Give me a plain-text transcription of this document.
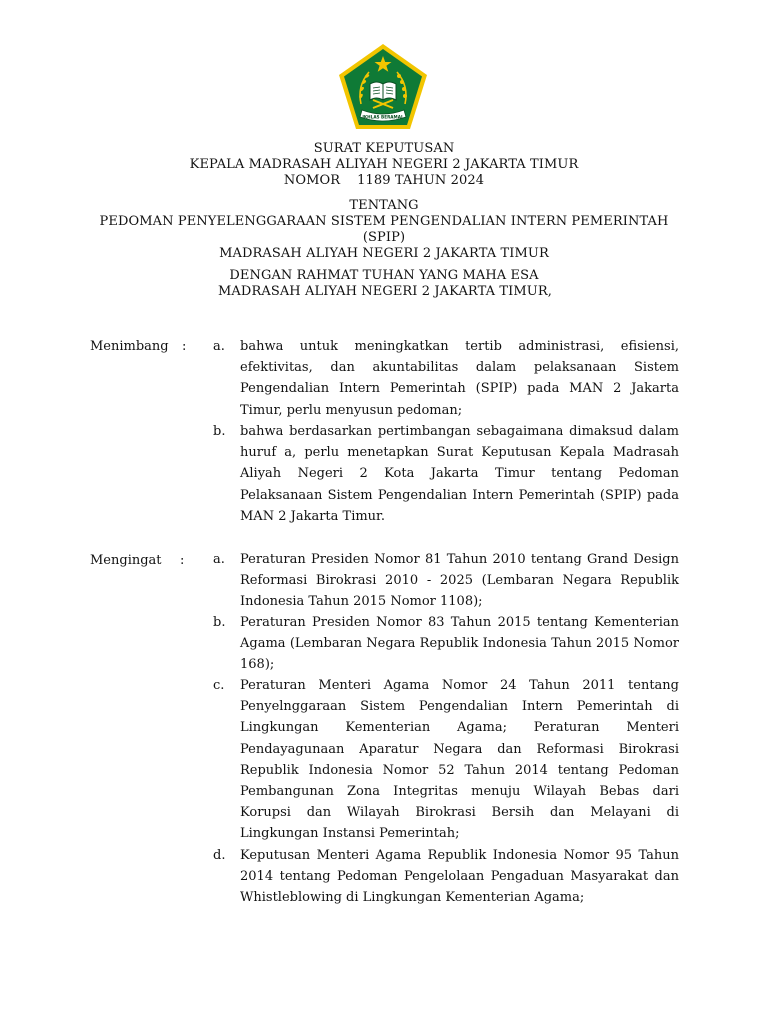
IKHLAS BERAMAL
SURAT KEPUTUSAN
KEPALA MADRASAH ALIYAH NEGERI 2 JAKARTA TIMUR
NOMOR    1189 TAHUN 2024
TENTANG
PEDOMAN PENYELENGGARAAN SISTEM PENGENDALIAN INTERN PEMERINTAH
(SPIP)
MADRASAH ALIYAH NEGERI 2 JAKARTA TIMUR
DENGAN RAHMAT TUHAN YANG MAHA ESA
MADRASAH ALIYAH NEGERI 2 JAKARTA TIMUR,
Menimbang : a. bahwa untuk meningkatkan tertib administrasi, efisiensi, efektivitas, dan akuntabilitas dalam pelaksanaan Sistem Pengendalian Intern Pemerintah (SPIP) pada MAN 2 Jakarta Timur, perlu menyusun pedoman;
b. bahwa berdasarkan pertimbangan sebagaimana dimaksud dalam huruf a, perlu menetapkan Surat Keputusan Kepala Madrasah Aliyah Negeri 2 Kota Jakarta Timur tentang Pedoman Pelaksanaan Sistem Pengendalian Intern Pemerintah (SPIP) pada MAN 2 Jakarta Timur.
Mengingat : a. Peraturan Presiden Nomor 81 Tahun 2010 tentang Grand Design Reformasi Birokrasi 2010 - 2025 (Lembaran Negara Republik Indonesia Tahun 2015 Nomor 1108);
b. Peraturan Presiden Nomor 83 Tahun 2015 tentang Kementerian Agama (Lembaran Negara Republik Indonesia Tahun 2015 Nomor 168);
c. Peraturan Menteri Agama Nomor 24 Tahun 2011 tentang Penyelnggaraan Sistem Pengendalian Intern Pemerintah di Lingkungan Kementerian Agama; Peraturan Menteri Pendayagunaan Aparatur Negara dan Reformasi Birokrasi Republik Indonesia Nomor 52 Tahun 2014 tentang Pedoman Pembangunan Zona Integritas menuju Wilayah Bebas dari Korupsi dan Wilayah Birokrasi Bersih dan Melayani di Lingkungan Instansi Pemerintah;
d. Keputusan Menteri Agama Republik Indonesia Nomor 95 Tahun 2014 tentang Pedoman Pengelolaan Pengaduan Masyarakat dan Whistleblowing di Lingkungan Kementerian Agama;
